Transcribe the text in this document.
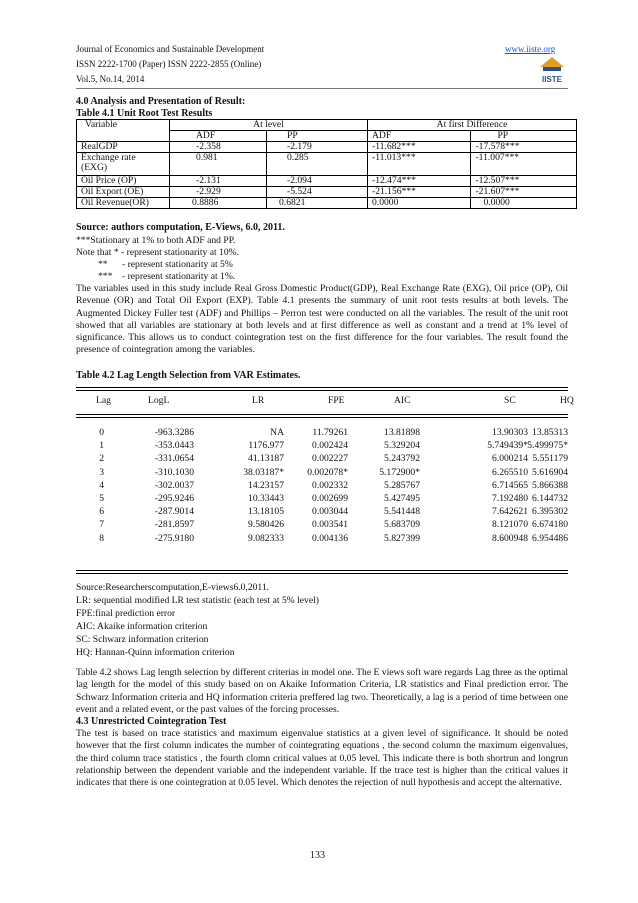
Journal of Economics and Sustainable Development	www.iiste.org
ISSN 2222-1700 (Paper) ISSN 2222-2855 (Online)
Vol.5, No.14, 2014	IISTE
4.0 Analysis and Presentation of Result:
Table 4.1 Unit Root Test Results
Variable	At level		At first Difference	
	ADF	PP	ADF	PP
RealGDP	-2.358	-2.179	-11.682***	-17.578***

Exchange rate
(EXG)	0.981	0.285	-11.013***	-11.007***
Oil Price (OP)	-2.131	-2.094	-12.474***	-12.507***
Oil Export (OE)	-2.929	-5.524	-21.156***	-21.607***
Oil Revenue(OR)	0.8886	0.6821	0.0000	0.0000
Source: authors computation, E-Views, 6.0, 2011.
***Stationary at 1% to both ADF and PP.
Note that * - represent stationarity at 10%.
**      - represent stationarity at 5%
***    - represent stationarity at 1%.
The variables used in this study include Real Gross Domestic Product(GDP), Real Exchange Rate (EXG), Oil price (OP), Oil Revenue (OR) and Total Oil Export (EXP). Table 4.1 presents the summary of unit root tests results at both levels. The Augmented Dickey Fuller test (ADF) and Phillips – Perron test were conducted on all the variables. The result of the unit root showed that all variables are stationary at both levels and at first difference as well as constant and a trend at 1% level of significance. This allows us to conduct cointegration test on the first difference for the four variables. The result found the presence of cointegration among the variables.
Table 4.2 Lag Length Selection from VAR Estimates.
Lag	LogL	LR	FPE	AIC	SC	HQ
0	-963.3286	NA	11.79261	13.81898	13.90303 13.85313
1	-353.0443	1176.977	0.002424	5.329204	5.749439* 5.499975*
2	-331.0654	41.13187	0.002227	5.243792	6.000214 5.551179
3	-310.1030	38.03187* 0.002078*	5.172900*	6.265510 5.616904
4	-302.0037	14.23157	0.002332	5.285767	6.714565 5.866388
5	-295.9246	10.33443	0.002699	5.427495	7.192480 6.144732
6	-287.9014	13.18105	0.003044	5.541448	7.642621 6.395302
7	-281.8597	9.580426	0.003541	5.683709	8.121070 6.674180
8	-275.9180	9.082333	0.004136	5.827399	8.600948 6.954486
Source:Researcherscomputation,E-views6.0,2011.
LR: sequential modified LR test statistic (each test at 5% level)
FPE:final prediction error
AIC: Akaike information criterion
SC: Schwarz information criterion
HQ: Hannan-Quinn information criterion
Table 4.2 shows Lag length selection by different criterias in model one. The E views soft ware regards Lag three as the optimal lag length for the model of this study based on on Akaike Information Criteria, LR statistics and Final prediction error. The Schwarz Information criteria and HQ information criteria preffered lag two. Theoretically, a lag is a period of time between one event and a related event, or the past values of the forcing processes.
4.3 Unrestricted Cointegration Test
The test is based on trace statistics and maximum eigenvalue statistics at a given level of significance. It should be noted however that the first column indicates the number of cointegrating equations , the second column the maximum eigenvalues, the third column trace statistics , the fourth clomn critical values at 0.05 level. This indicate there is both shortrun and longrun relationship between the dependent variable and the independent variable. If the trace test is higher than the critical values it indicates that there is one cointegration at 0.05 level. Which denotes the rejection of null hypothesis and accept the alternative.
133
